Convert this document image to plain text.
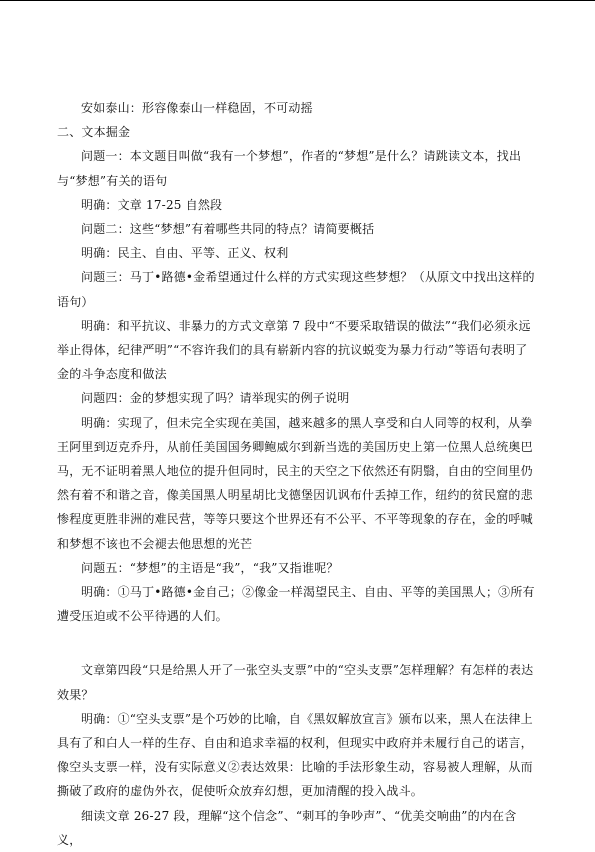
安如泰山：形容像泰山一样稳固，不可动摇

二、文本掘金

问题一：本文题目叫做“我有一个梦想”，作者的“梦想”是什么？请跳读文本，找出与“梦想”有关的语句

明确：文章 17-25 自然段

问题二：这些“梦想”有着哪些共同的特点？请简要概括

明确：民主、自由、平等、正义、权利

问题三：马丁•路德•金希望通过什么样的方式实现这些梦想？（从原文中找出这样的语句）

明确：和平抗议、非暴力的方式文章第 7 段中“不要采取错误的做法”“我们必须永远举止得体，纪律严明”“不容许我们的具有崭新内容的抗议蜕变为暴力行动”等语句表明了金的斗争态度和做法

问题四：金的梦想实现了吗？请举现实的例子说明

明确：实现了，但未完全实现在美国，越来越多的黑人享受和白人同等的权利，从拳王阿里到迈克乔丹，从前任美国国务卿鲍威尔到新当选的美国历史上第一位黑人总统奥巴马，无不证明着黑人地位的提升但同时，民主的天空之下依然还有阴翳，自由的空间里仍然有着不和谐之音，像美国黑人明星胡比戈德堡因讥讽布什丢掉工作，纽约的贫民窟的悲惨程度更胜非洲的难民营，等等只要这个世界还有不公平、不平等现象的存在，金的呼喊和梦想不该也不会褪去他思想的光芒

问题五：“梦想”的主语是“我”，“我”又指谁呢？

明确：①马丁•路德•金自己；②像金一样渴望民主、自由、平等的美国黑人；③所有遭受压迫或不公平待遇的人们。

文章第四段“只是给黑人开了一张空头支票”中的“空头支票”怎样理解？有怎样的表达效果？

明确：①“空头支票”是个巧妙的比喻，自《黑奴解放宣言》颁布以来，黑人在法律上具有了和白人一样的生存、自由和追求幸福的权利，但现实中政府并未履行自己的诺言，像空头支票一样，没有实际意义②表达效果：比喻的手法形象生动，容易被人理解，从而撕破了政府的虚伪外衣，促使听众放弃幻想，更加清醒的投入战斗。

细读文章 26-27 段，理解“这个信念”、“刺耳的争吵声”、“优美交响曲”的内在含义，
